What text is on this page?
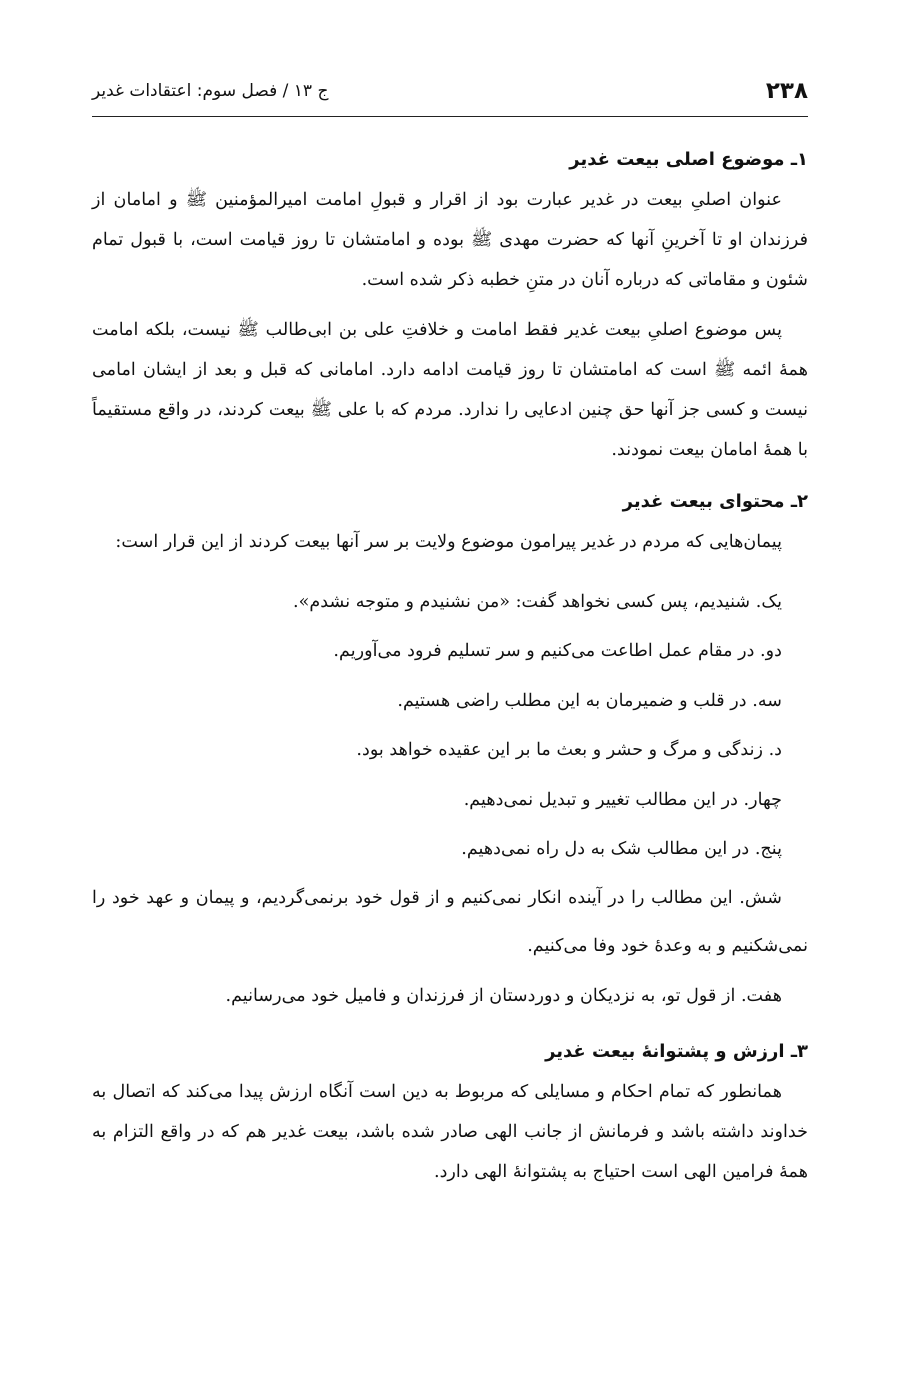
۲۳۸
ج ۱۳ / فصل سوم: اعتقادات غدیر
۱ـ موضوع اصلی بیعت غدیر

عنوان اصلیِ بیعت در غدیر عبارت بود از اقرار و قبولِ امامت امیرالمؤمنین ﷺ و امامان از فرزندان او تا آخرینِ آنها که حضرت مهدی ﷺ بوده و امامتشان تا روز قیامت است، با قبول تمام شئون و مقاماتی که درباره آنان در متنِ خطبه ذکر شده است.

پس موضوع اصلیِ بیعت غدیر فقط امامت و خلافتِ علی بن ابی‌طالب ﷺ نیست، بلکه امامت همهٔ ائمه ﷺ است که امامتشان تا روز قیامت ادامه دارد. امامانی که قبل و بعد از ایشان امامی نیست و کسی جز آنها حق چنین ادعایی را ندارد. مردم که با علی ﷺ بیعت کردند، در واقع مستقیماً با همهٔ امامان بیعت نمودند.

۲ـ محتوای بیعت غدیر

پیمان‌هایی که مردم در غدیر پیرامون موضوع ولایت بر سر آنها بیعت کردند از این قرار است:

یک. شنیدیم، پس کسی نخواهد گفت: «من نشنیدم و متوجه نشدم».
دو. در مقام عمل اطاعت می‌کنیم و سر تسلیم فرود می‌آوریم.
سه. در قلب و ضمیرمان به این مطلب راضی هستیم.
د. زندگی و مرگ و حشر و بعث ما بر این عقیده خواهد بود.
چهار. در این مطالب تغییر و تبدیل نمی‌دهیم.
پنج. در این مطالب شک به دل راه نمی‌دهیم.
شش. این مطالب را در آینده انکار نمی‌کنیم و از قول خود برنمی‌گردیم، و پیمان و عهد خود را نمی‌شکنیم و به وعدهٔ خود وفا می‌کنیم.
هفت. از قول تو، به نزدیکان و دوردستان از فرزندان و فامیل خود می‌رسانیم.
۳ـ ارزش و پشتوانهٔ بیعت غدیر

همانطور که تمام احکام و مسایلی که مربوط به دین است آنگاه ارزش پیدا می‌کند که اتصال به خداوند داشته باشد و فرمانش از جانب الهی صادر شده باشد، بیعت غدیر هم که در واقع التزام به همهٔ فرامین الهی است احتیاج به پشتوانهٔ الهی دارد.
